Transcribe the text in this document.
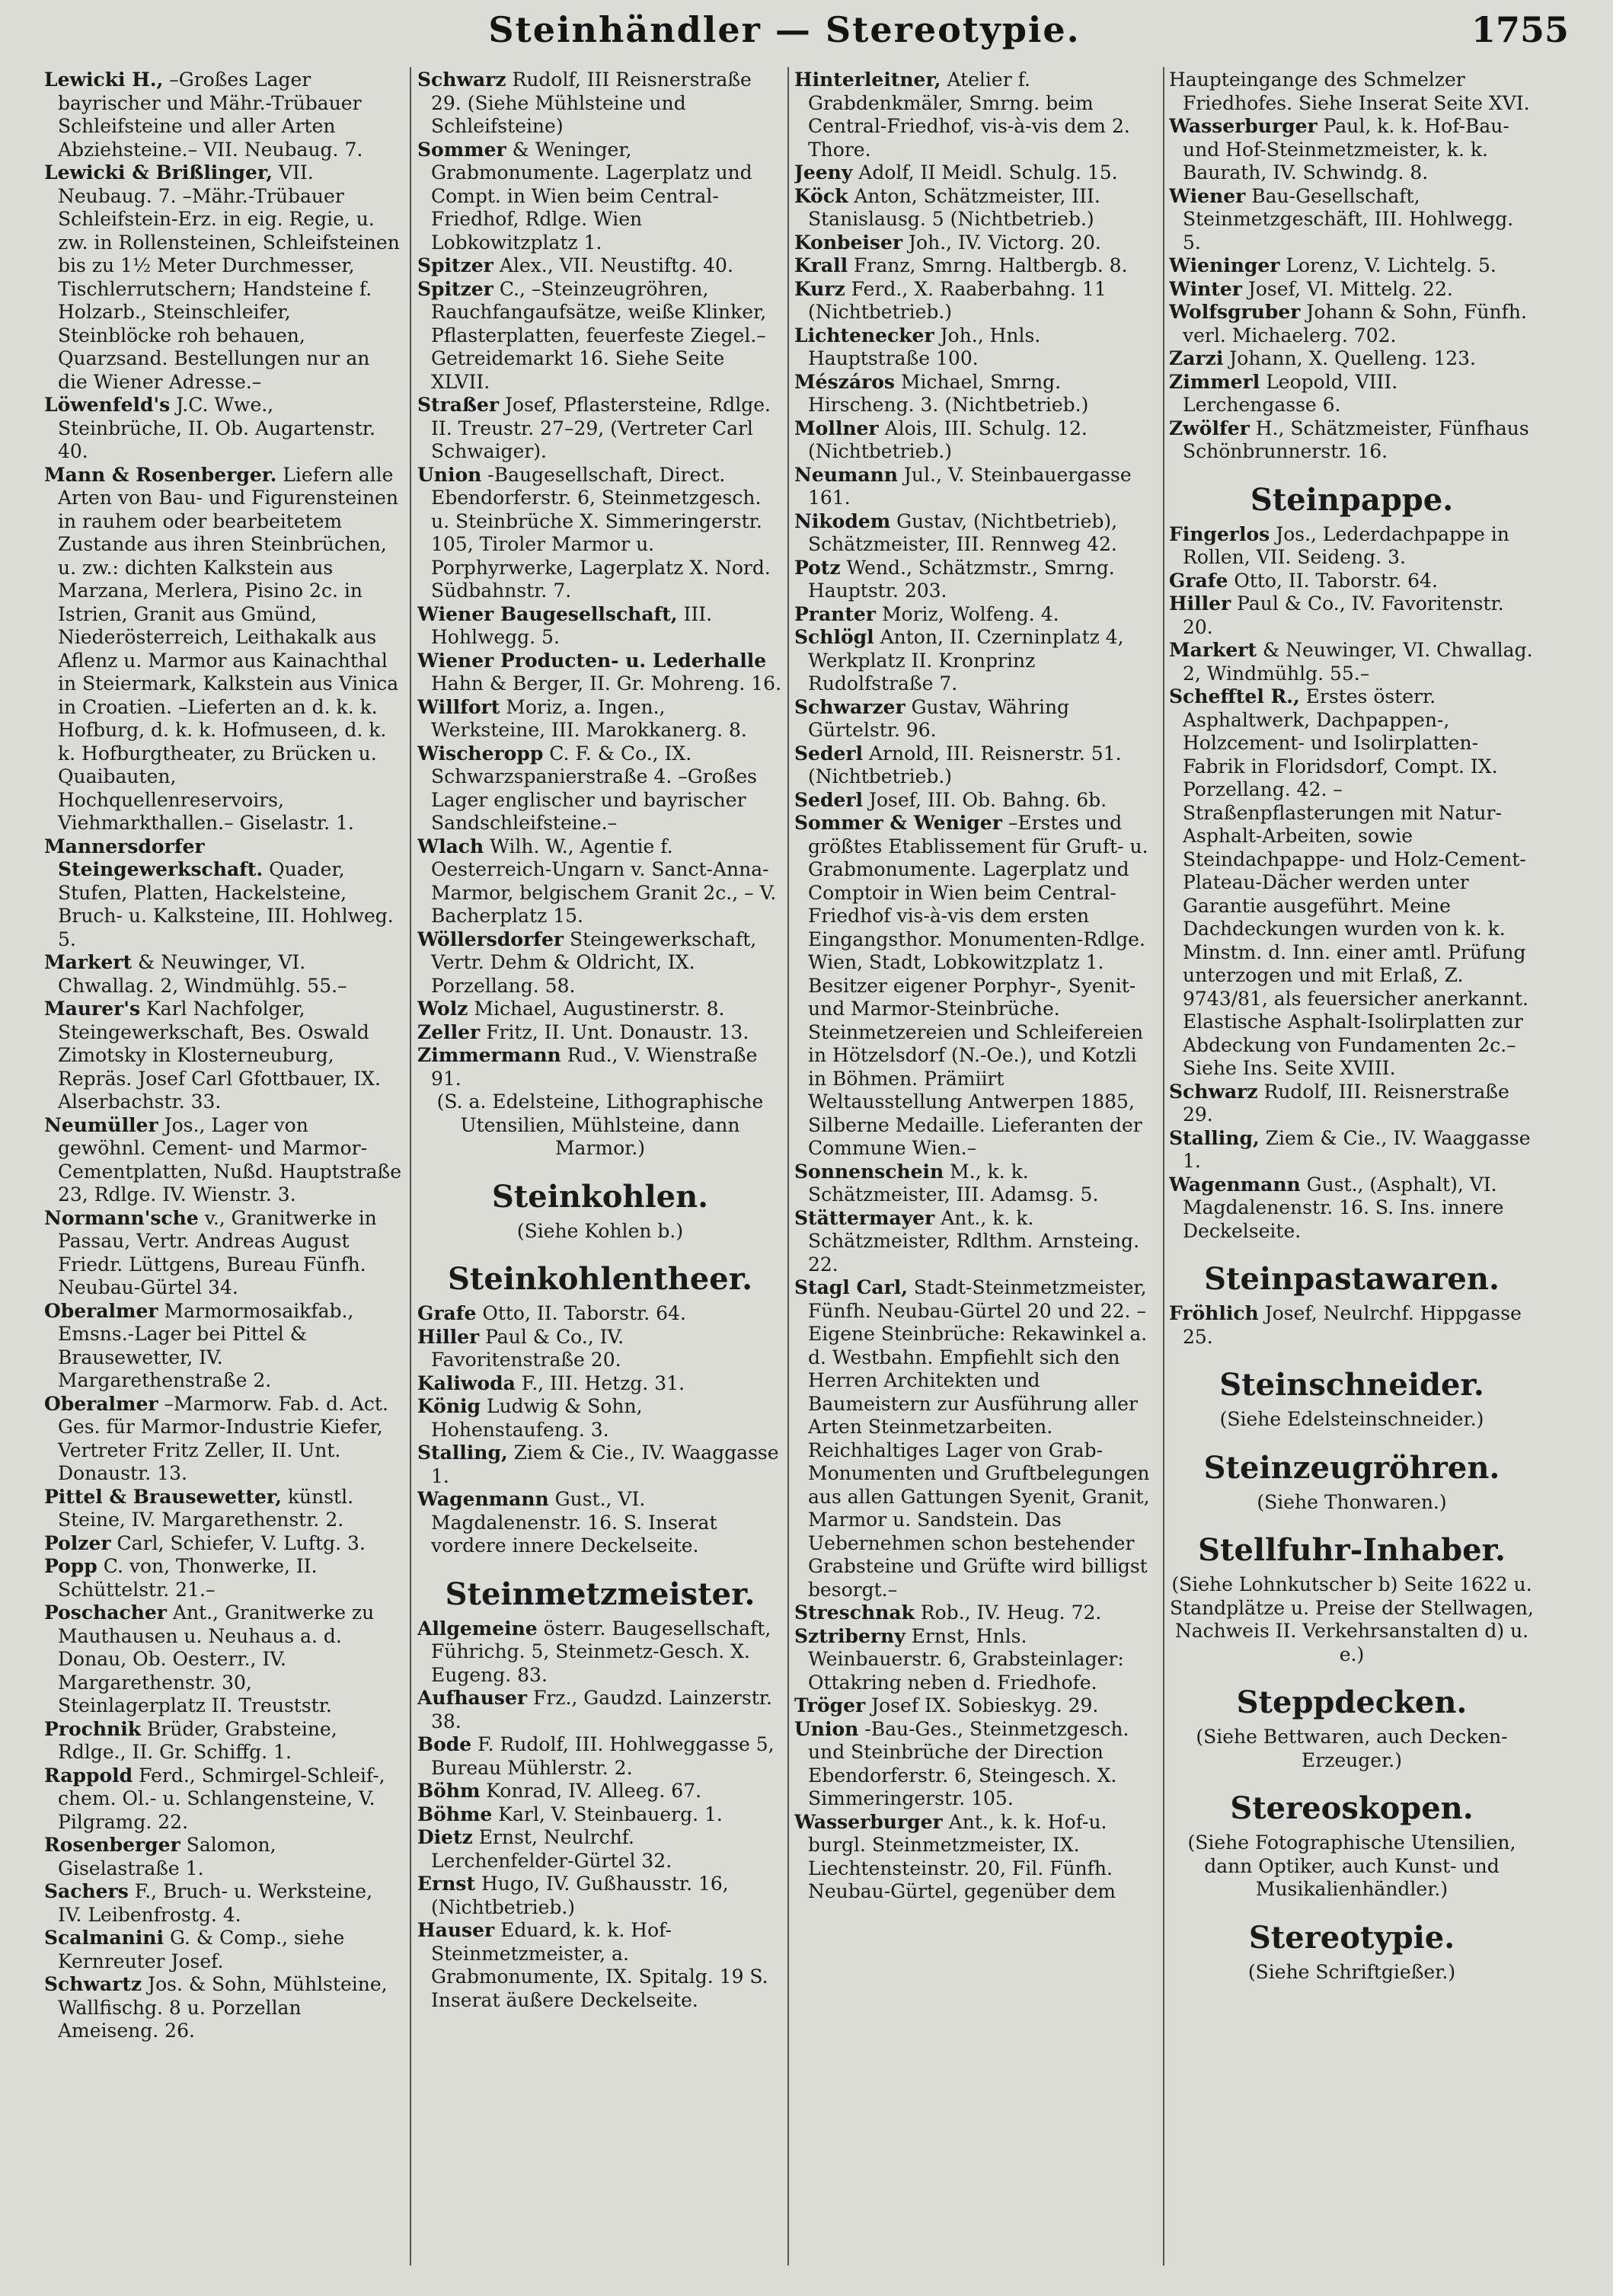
Steinhändler — Stereotypie.	1755
Lewicki H., –Großes Lager bayrischer und Mähr.-Trübauer Schleifsteine und aller Arten Abziehsteine.– VII. Neubaug. 7.
Lewicki & Brißlinger, VII. Neubaug. 7. –Mähr.-Trübauer Schleifstein-Erz. in eig. Regie, u. zw. in Rollensteinen, Schleifsteinen bis zu 1½ Meter Durchmesser, Tischlerrutschern; Handsteine f. Holzarb., Steinschleifer, Steinblöcke roh behauen, Quarzsand. Bestellungen nur an die Wiener Adresse.–
Löwenfeld's J.C. Wwe., Steinbrüche, II. Ob. Augartenstr. 40.
Mann & Rosenberger. Liefern alle Arten von Bau- und Figurensteinen in rauhem oder bearbeitetem Zustande aus ihren Steinbrüchen, u. zw.: dichten Kalkstein aus Marzana, Merlera, Pisino 2c. in Istrien, Granit aus Gmünd, Niederösterreich, Leithakalk aus Aflenz u. Marmor aus Kainachthal in Steiermark, Kalkstein aus Vinica in Croatien. –Lieferten an d. k. k. Hofburg, d. k. k. Hofmuseen, d. k. k. Hofburgtheater, zu Brücken u. Quaibauten, Hochquellenreservoirs, Viehmarkthallen.– Giselastr. 1.
Mannersdorfer Steingewerkschaft. Quader, Stufen, Platten, Hackelsteine, Bruch- u. Kalksteine, III. Hohlweg. 5.
Markert & Neuwinger, VI. Chwallag. 2, Windmühlg. 55.–
Maurer's Karl Nachfolger, Steingewerkschaft, Bes. Oswald Zimotsky in Klosterneuburg, Repräs. Josef Carl Gfottbauer, IX. Alserbachstr. 33.
Neumüller Jos., Lager von gewöhnl. Cement- und Marmor-Cementplatten, Nußd. Hauptstraße 23, Rdlge. IV. Wienstr. 3.
Normann'sche v., Granitwerke in Passau, Vertr. Andreas August Friedr. Lüttgens, Bureau Fünfh. Neubau-Gürtel 34.
Oberalmer Marmormosaikfab., Emsns.-Lager bei Pittel & Brausewetter, IV. Margarethenstraße 2.
Oberalmer –Marmorw. Fab. d. Act. Ges. für Marmor-Industrie Kiefer, Vertreter Fritz Zeller, II. Unt. Donaustr. 13.
Pittel & Brausewetter, künstl. Steine, IV. Margarethenstr. 2.
Polzer Carl, Schiefer, V. Luftg. 3.
Popp C. von, Thonwerke, II. Schüttelstr. 21.–
Poschacher Ant., Granitwerke zu Mauthausen u. Neuhaus a. d. Donau, Ob. Oesterr., IV. Margarethenstr. 30, Steinlagerplatz II. Treuststr.
Prochnik Brüder, Grabsteine, Rdlge., II. Gr. Schiffg. 1.
Rappold Ferd., Schmirgel-Schleif-, chem. Ol.- u. Schlangensteine, V. Pilgramg. 22.
Rosenberger Salomon, Giselastraße 1.
Sachers F., Bruch- u. Werksteine, IV. Leibenfrostg. 4.
Scalmanini G. & Comp., siehe Kernreuter Josef.
Schwartz Jos. & Sohn, Mühlsteine, Wallfischg. 8 u. Porzellan Ameiseng. 26.
Schwarz Rudolf, III Reisnerstraße 29. (Siehe Mühlsteine und Schleifsteine)
Sommer & Weninger, Grabmonumente. Lagerplatz und Compt. in Wien beim Central-Friedhof, Rdlge. Wien Lobkowitzplatz 1.
Spitzer Alex., VII. Neustiftg. 40.
Spitzer C., –Steinzeugröhren, Rauchfangaufsätze, weiße Klinker, Pflasterplatten, feuerfeste Ziegel.– Getreidemarkt 16. Siehe Seite XLVII.
Straßer Josef, Pflastersteine, Rdlge. II. Treustr. 27–29, (Vertreter Carl Schwaiger).
Union -Baugesellschaft, Direct. Ebendorferstr. 6, Steinmetzgesch. u. Steinbrüche X. Simmeringerstr. 105, Tiroler Marmor u. Porphyrwerke, Lagerplatz X. Nord. Südbahnstr. 7.
Wiener Baugesellschaft, III. Hohlwegg. 5.
Wiener Producten- u. Lederhalle Hahn & Berger, II. Gr. Mohreng. 16.
Willfort Moriz, a. Ingen., Werksteine, III. Marokkanerg. 8.
Wischeropp C. F. & Co., IX. Schwarzspanierstraße 4. –Großes Lager englischer und bayrischer Sandschleifsteine.–
Wlach Wilh. W., Agentie f. Oesterreich-Ungarn v. Sanct-Anna-Marmor, belgischem Granit 2c., – V. Bacherplatz 15.
Wöllersdorfer Steingewerkschaft, Vertr. Dehm & Oldricht, IX. Porzellang. 58.
Wolz Michael, Augustinerstr. 8.
Zeller Fritz, II. Unt. Donaustr. 13.
Zimmermann Rud., V. Wienstraße 91.
(S. a. Edelsteine, Lithographische Utensilien, Mühlsteine, dann Marmor.)
Steinkohlen.
(Siehe Kohlen b.)
Steinkohlentheer.
Grafe Otto, II. Taborstr. 64.
Hiller Paul & Co., IV. Favoritenstraße 20.
Kaliwoda F., III. Hetzg. 31.
König Ludwig & Sohn, Hohenstaufeng. 3.
Stalling, Ziem & Cie., IV. Waaggasse 1.
Wagenmann Gust., VI. Magdalenenstr. 16. S. Inserat vordere innere Deckelseite.
Steinmetzmeister.
Allgemeine österr. Baugesellschaft, Führichg. 5, Steinmetz-Gesch. X. Eugeng. 83.
Aufhauser Frz., Gaudzd. Lainzerstr. 38.
Bode F. Rudolf, III. Hohlweggasse 5, Bureau Mühlerstr. 2.
Böhm Konrad, IV. Alleeg. 67.
Böhme Karl, V. Steinbauerg. 1.
Dietz Ernst, Neulrchf. Lerchenfelder-Gürtel 32.
Ernst Hugo, IV. Gußhausstr. 16, (Nichtbetrieb.)
Hauser Eduard, k. k. Hof-Steinmetzmeister, a. Grabmonumente, IX. Spitalg. 19 S. Inserat äußere Deckelseite.
Hinterleitner, Atelier f. Grabdenkmäler, Smrng. beim Central-Friedhof, vis-à-vis dem 2. Thore.
Jeeny Adolf, II Meidl. Schulg. 15.
Köck Anton, Schätzmeister, III. Stanislausg. 5 (Nichtbetrieb.)
Konbeiser Joh., IV. Victorg. 20.
Krall Franz, Smrng. Haltbergb. 8.
Kurz Ferd., X. Raaberbahng. 11 (Nichtbetrieb.)
Lichtenecker Joh., Hnls. Hauptstraße 100.
Mészáros Michael, Smrng. Hirscheng. 3. (Nichtbetrieb.)
Mollner Alois, III. Schulg. 12. (Nichtbetrieb.)
Neumann Jul., V. Steinbauergasse 161.
Nikodem Gustav, (Nichtbetrieb), Schätzmeister, III. Rennweg 42.
Potz Wend., Schätzmstr., Smrng. Hauptstr. 203.
Pranter Moriz, Wolfeng. 4.
Schlögl Anton, II. Czerninplatz 4, Werkplatz II. Kronprinz Rudolfstraße 7.
Schwarzer Gustav, Währing Gürtelstr. 96.
Sederl Arnold, III. Reisnerstr. 51. (Nichtbetrieb.)
Sederl Josef, III. Ob. Bahng. 6b.
Sommer & Weniger –Erstes und größtes Etablissement für Gruft- u. Grabmonumente. Lagerplatz und Comptoir in Wien beim Central-Friedhof vis-à-vis dem ersten Eingangsthor. Monumenten-Rdlge. Wien, Stadt, Lobkowitzplatz 1. Besitzer eigener Porphyr-, Syenit- und Marmor-Steinbrüche. Steinmetzereien und Schleifereien in Hötzelsdorf (N.-Oe.), und Kotzli in Böhmen. Prämiirt Weltausstellung Antwerpen 1885, Silberne Medaille. Lieferanten der Commune Wien.–
Sonnenschein M., k. k. Schätzmeister, III. Adamsg. 5.
Stättermayer Ant., k. k. Schätzmeister, Rdlthm. Arnsteing. 22.
Stagl Carl, Stadt-Steinmetzmeister, Fünfh. Neubau-Gürtel 20 und 22. –Eigene Steinbrüche: Rekawinkel a. d. Westbahn. Empfiehlt sich den Herren Architekten und Baumeistern zur Ausführung aller Arten Steinmetzarbeiten. Reichhaltiges Lager von Grab-Monumenten und Gruftbelegungen aus allen Gattungen Syenit, Granit, Marmor u. Sandstein. Das Uebernehmen schon bestehender Grabsteine und Grüfte wird billigst besorgt.–
Streschnak Rob., IV. Heug. 72.
Sztriberny Ernst, Hnls. Weinbauerstr. 6, Grabsteinlager: Ottakring neben d. Friedhofe.
Tröger Josef IX. Sobieskyg. 29.
Union -Bau-Ges., Steinmetzgesch. und Steinbrüche der Direction Ebendorferstr. 6, Steingesch. X. Simmeringerstr. 105.
Wasserburger Ant., k. k. Hof-u. burgl. Steinmetzmeister, IX. Liechtensteinstr. 20, Fil. Fünfh. Neubau-Gürtel, gegenüber dem
Haupteingange des Schmelzer Friedhofes. Siehe Inserat Seite XVI.
Wasserburger Paul, k. k. Hof-Bau- und Hof-Steinmetzmeister, k. k. Baurath, IV. Schwindg. 8.
Wiener Bau-Gesellschaft, Steinmetzgeschäft, III. Hohlwegg. 5.
Wieninger Lorenz, V. Lichtelg. 5.
Winter Josef, VI. Mittelg. 22.
Wolfsgruber Johann & Sohn, Fünfh. verl. Michaelerg. 702.
Zarzi Johann, X. Quelleng. 123.
Zimmerl Leopold, VIII. Lerchengasse 6.
Zwölfer H., Schätzmeister, Fünfhaus Schönbrunnerstr. 16.
Steinpappe.
Fingerlos Jos., Lederdachpappe in Rollen, VII. Seideng. 3.
Grafe Otto, II. Taborstr. 64.
Hiller Paul & Co., IV. Favoritenstr. 20.
Markert & Neuwinger, VI. Chwallag. 2, Windmühlg. 55.–
Schefftel R., Erstes österr. Asphaltwerk, Dachpappen-, Holzcement- und Isolirplatten-Fabrik in Floridsdorf, Compt. IX. Porzellang. 42. –Straßenpflasterungen mit Natur-Asphalt-Arbeiten, sowie Steindachpappe- und Holz-Cement-Plateau-Dächer werden unter Garantie ausgeführt. Meine Dachdeckungen wurden von k. k. Minstm. d. Inn. einer amtl. Prüfung unterzogen und mit Erlaß, Z. 9743/81, als feuersicher anerkannt. Elastische Asphalt-Isolirplatten zur Abdeckung von Fundamenten 2c.– Siehe Ins. Seite XVIII.
Schwarz Rudolf, III. Reisnerstraße 29.
Stalling, Ziem & Cie., IV. Waaggasse 1.
Wagenmann Gust., (Asphalt), VI. Magdalenenstr. 16. S. Ins. innere Deckelseite.
Steinpastawaren.
Fröhlich Josef, Neulrchf. Hippgasse 25.
Steinschneider.
(Siehe Edelsteinschneider.)
Steinzeugröhren.
(Siehe Thonwaren.)
Stellfuhr-Inhaber.
(Siehe Lohnkutscher b) Seite 1622 u. Standplätze u. Preise der Stellwagen, Nachweis II. Verkehrsanstalten d) u. e.)
Steppdecken.
(Siehe Bettwaren, auch Decken-Erzeuger.)
Stereoskopen.
(Siehe Fotographische Utensilien, dann Optiker, auch Kunst- und Musikalienhändler.)
Stereotypie.
(Siehe Schriftgießer.)
